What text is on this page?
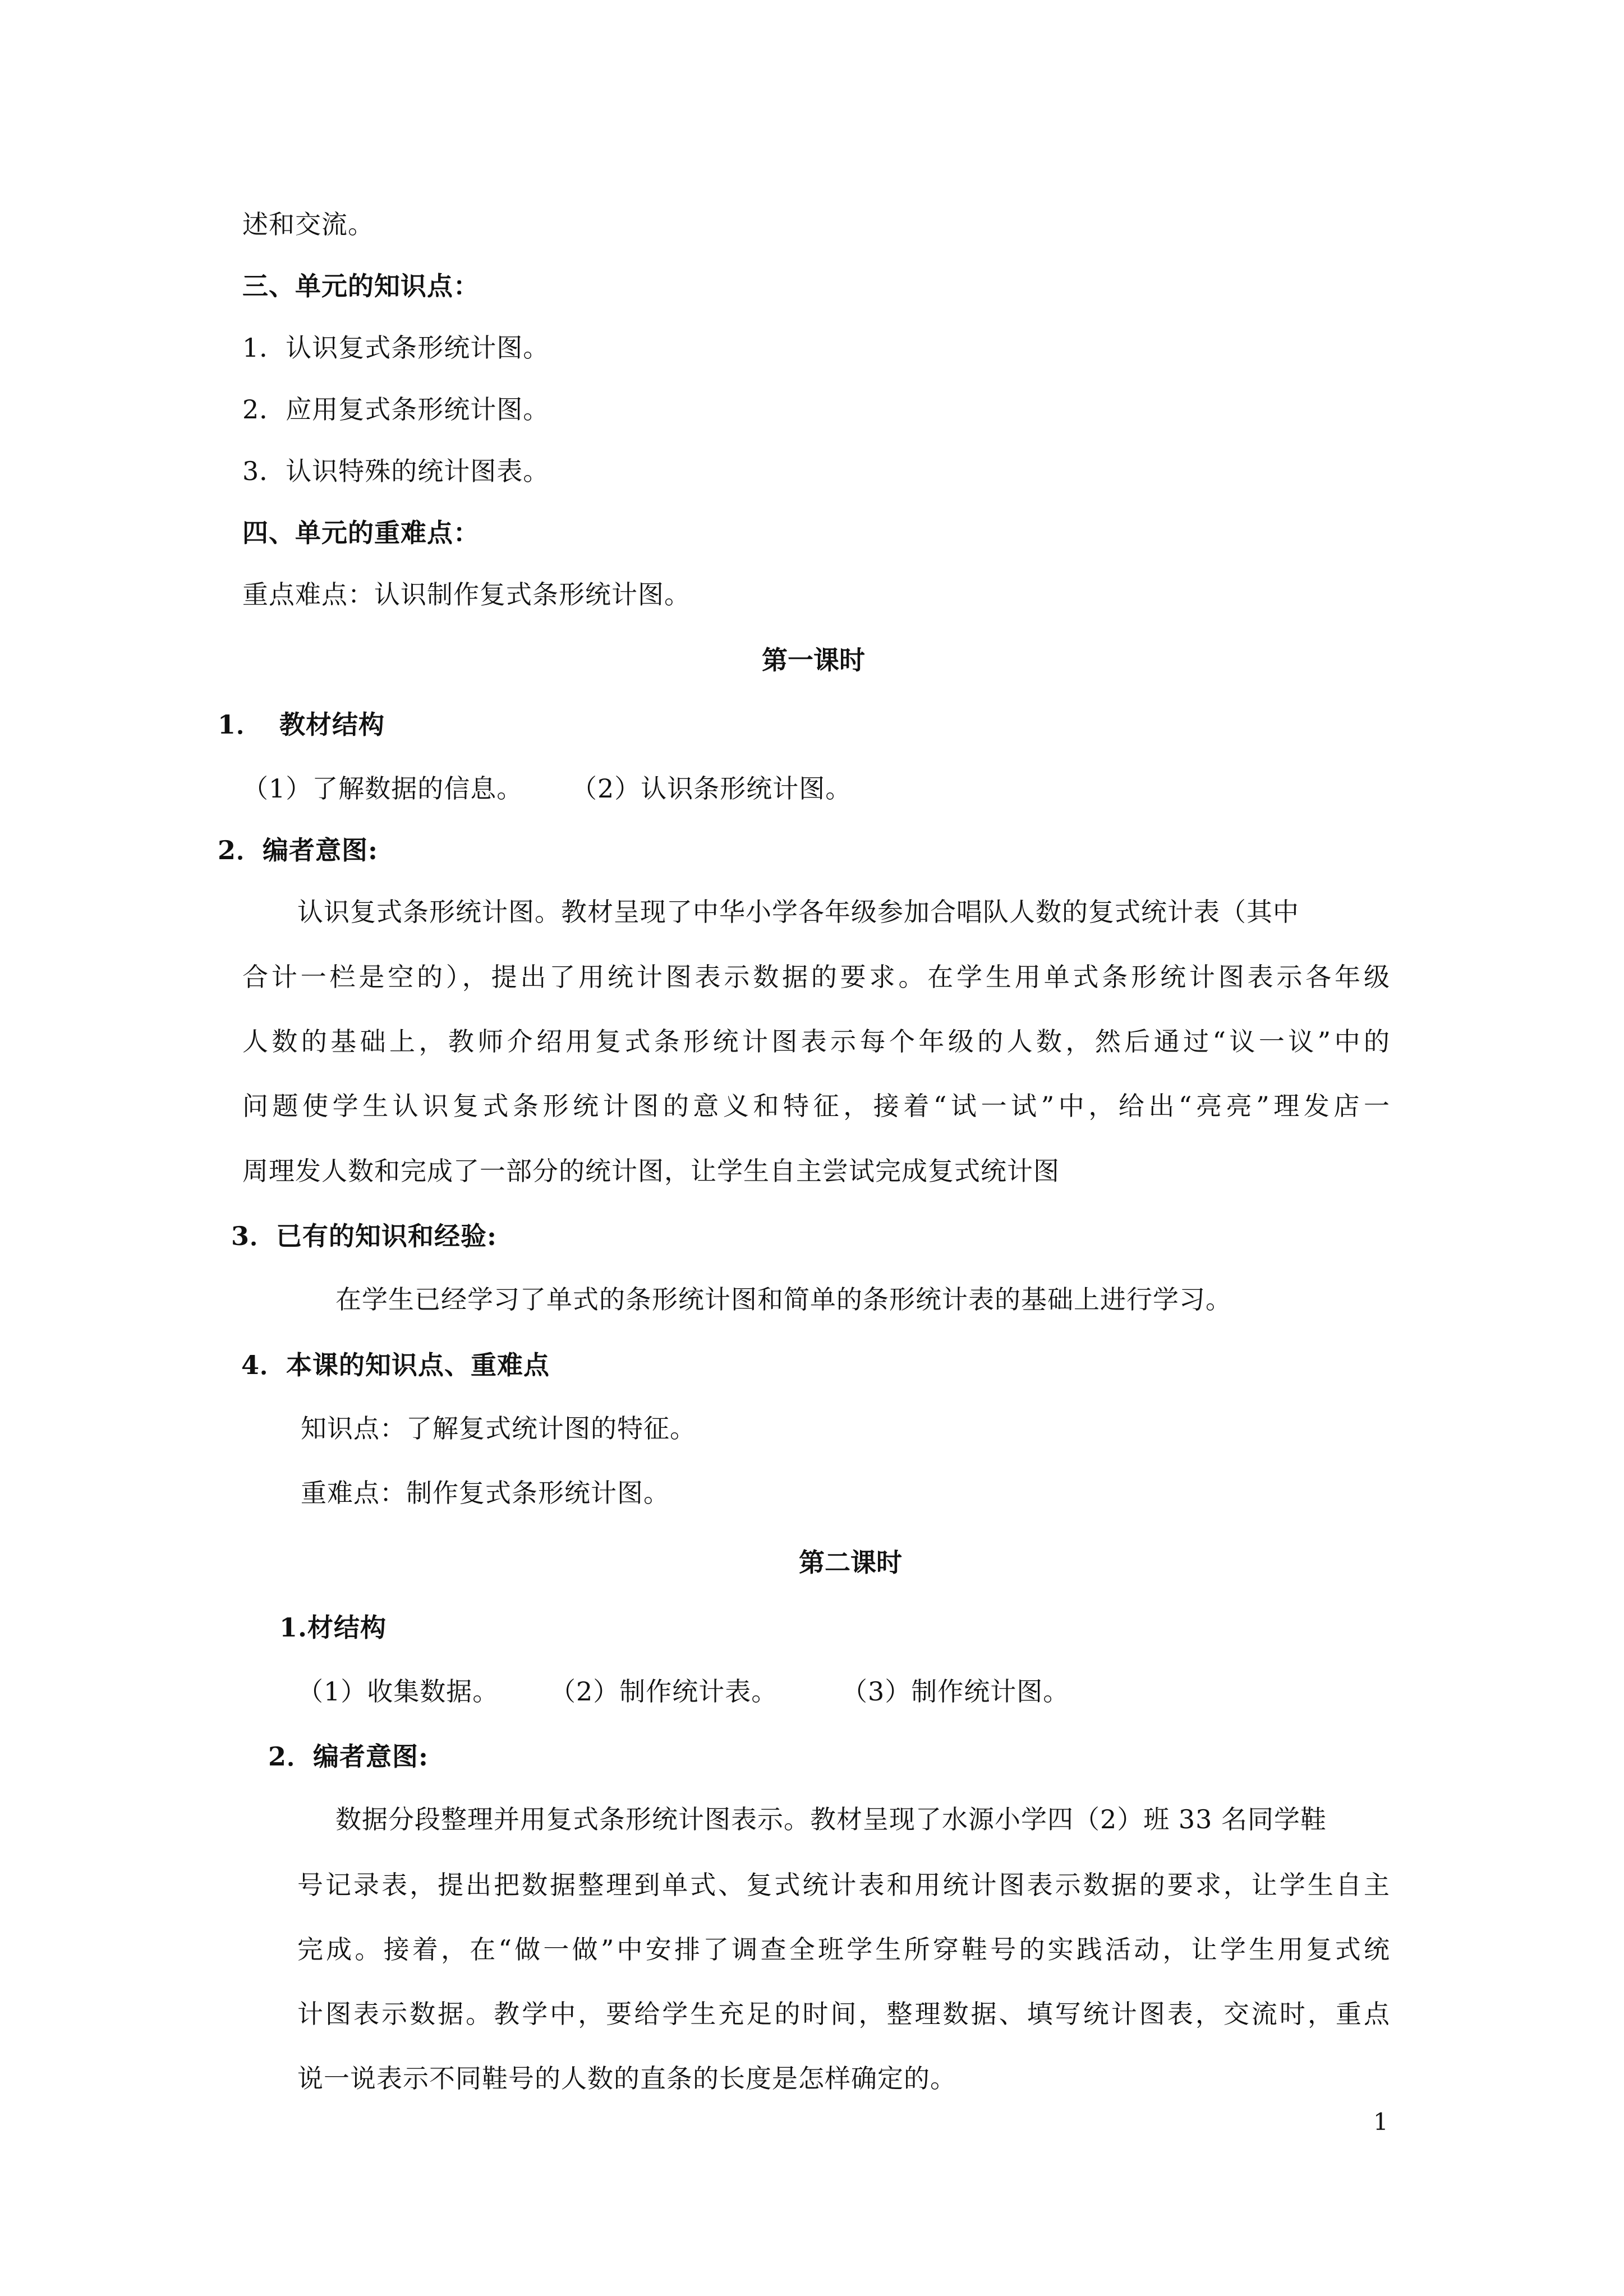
述和交流。
三、单元的知识点：
1．认识复式条形统计图。
2．应用复式条形统计图。
3．认识特殊的统计图表。
四、单元的重难点：
重点难点：认识制作复式条形统计图。
第一课时
1． 教材结构
（1）了解数据的信息。 （2）认识条形统计图。
2．编者意图:
认识复式条形统计图。教材呈现了中华小学各年级参加合唱队人数的复式统计表（其中
合计一栏是空的），提出了用统计图表示数据的要求。在学生用单式条形统计图表示各年级
人数的基础上，教师介绍用复式条形统计图表示每个年级的人数，然后通过“议一议”中的
问题使学生认识复式条形统计图的意义和特征，接着“试一试”中，给出“亮亮”理发店一
周理发人数和完成了一部分的统计图，让学生自主尝试完成复式统计图
3．已有的知识和经验:
在学生已经学习了单式的条形统计图和简单的条形统计表的基础上进行学习。
4．本课的知识点、重难点
知识点：了解复式统计图的特征。
重难点：制作复式条形统计图。
第二课时
1.材结构
（1）收集数据。 （2）制作统计表。 （3）制作统计图。
2．编者意图:
数据分段整理并用复式条形统计图表示。教材呈现了水源小学四（2）班 33 名同学鞋
号记录表，提出把数据整理到单式、复式统计表和用统计图表示数据的要求，让学生自主
完成。接着，在“做一做”中安排了调查全班学生所穿鞋号的实践活动，让学生用复式统
计图表示数据。教学中，要给学生充足的时间，整理数据、填写统计图表，交流时，重点
说一说表示不同鞋号的人数的直条的长度是怎样确定的。
1
